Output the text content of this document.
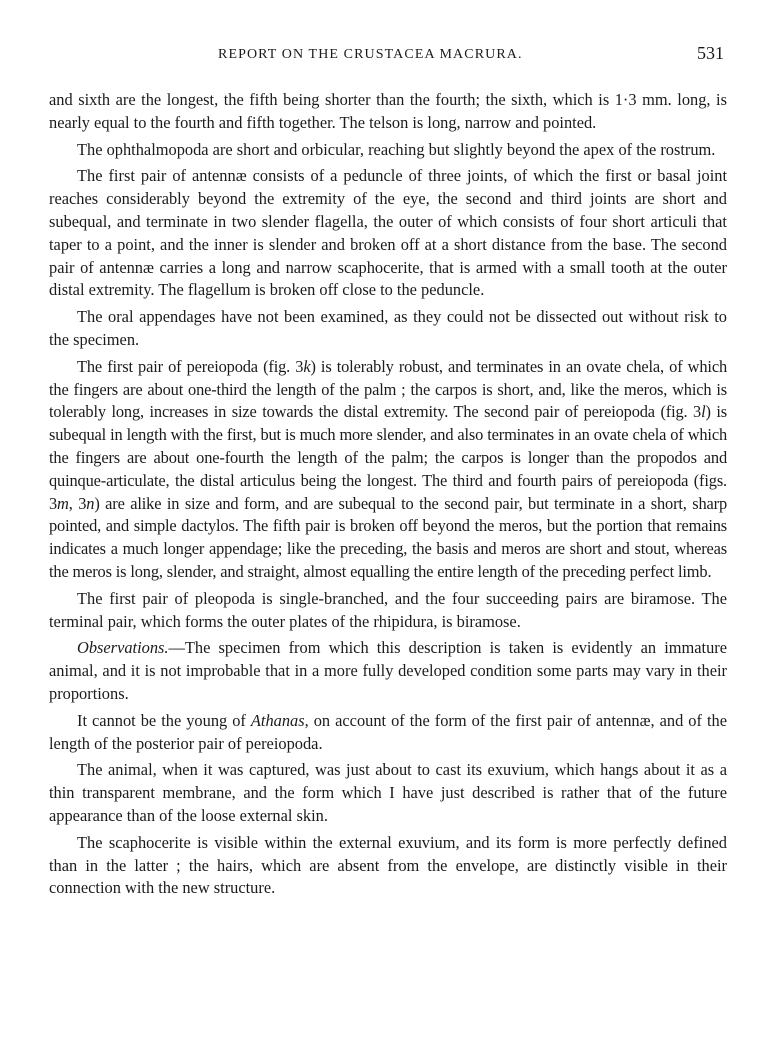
REPORT ON THE CRUSTACEA MACRURA.	531

and sixth are the longest, the fifth being shorter than the fourth; the sixth, which is 1·3 mm. long, is nearly equal to the fourth and fifth together. The telson is long, narrow and pointed.

The ophthalmopoda are short and orbicular, reaching but slightly beyond the apex of the rostrum.

The first pair of antennæ consists of a peduncle of three joints, of which the first or basal joint reaches considerably beyond the extremity of the eye, the second and third joints are short and subequal, and terminate in two slender flagella, the outer of which consists of four short articuli that taper to a point, and the inner is slender and broken off at a short distance from the base. The second pair of antennæ carries a long and narrow scaphocerite, that is armed with a small tooth at the outer distal extremity. The flagellum is broken off close to the peduncle.

The oral appendages have not been examined, as they could not be dissected out without risk to the specimen.

The first pair of pereiopoda (fig. 3k) is tolerably robust, and terminates in an ovate chela, of which the fingers are about one-third the length of the palm ; the carpos is short, and, like the meros, which is tolerably long, increases in size towards the distal extremity. The second pair of pereiopoda (fig. 3l) is subequal in length with the first, but is much more slender, and also terminates in an ovate chela of which the fingers are about one-fourth the length of the palm; the carpos is longer than the propodos and quinque-articulate, the distal articulus being the longest. The third and fourth pairs of pereiopoda (figs. 3m, 3n) are alike in size and form, and are subequal to the second pair, but terminate in a short, sharp pointed, and simple dactylos. The fifth pair is broken off beyond the meros, but the portion that remains indicates a much longer appendage; like the preceding, the basis and meros are short and stout, whereas the meros is long, slender, and straight, almost equalling the entire length of the preceding perfect limb.

The first pair of pleopoda is single-branched, and the four succeeding pairs are biramose. The terminal pair, which forms the outer plates of the rhipidura, is biramose.

Observations.—The specimen from which this description is taken is evidently an immature animal, and it is not improbable that in a more fully developed condition some parts may vary in their proportions.

It cannot be the young of Athanas, on account of the form of the first pair of antennæ, and of the length of the posterior pair of pereiopoda.

The animal, when it was captured, was just about to cast its exuvium, which hangs about it as a thin transparent membrane, and the form which I have just described is rather that of the future appearance than of the loose external skin.

The scaphocerite is visible within the external exuvium, and its form is more perfectly defined than in the latter ; the hairs, which are absent from the envelope, are distinctly visible in their connection with the new structure.
